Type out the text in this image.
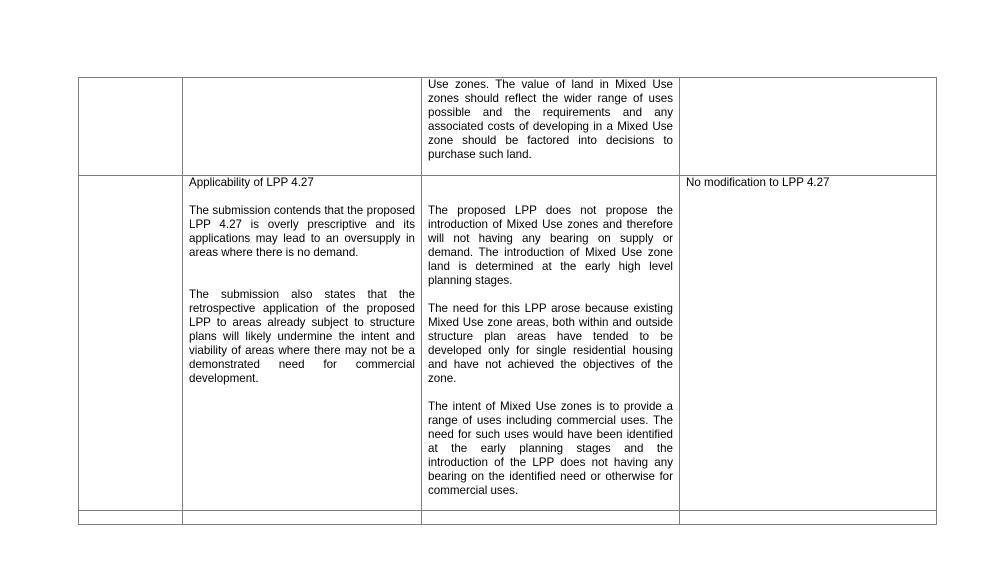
Use zones. The value of land in Mixed Use zones should reflect the wider range of uses possible and the requirements and any associated costs of developing in a Mixed Use zone should be factored into decisions to purchase such land.

Applicability of LPP 4.27

The submission contends that the proposed LPP 4.27 is overly prescriptive and its applications may lead to an oversupply in areas where there is no demand.

The submission also states that the retrospective application of the proposed LPP to areas already subject to structure plans will likely undermine the intent and viability of areas where there may not be a demonstrated need for commercial development.

The proposed LPP does not propose the introduction of Mixed Use zones and therefore will not having any bearing on supply or demand. The introduction of Mixed Use zone land is determined at the early high level planning stages.

The need for this LPP arose because existing Mixed Use zone areas, both within and outside structure plan areas have tended to be developed only for single residential housing and have not achieved the objectives of the zone.

The intent of Mixed Use zones is to provide a range of uses including commercial uses. The need for such uses would have been identified at the early planning stages and the introduction of the LPP does not having any bearing on the identified need or otherwise for commercial uses.

No modification to LPP 4.27
